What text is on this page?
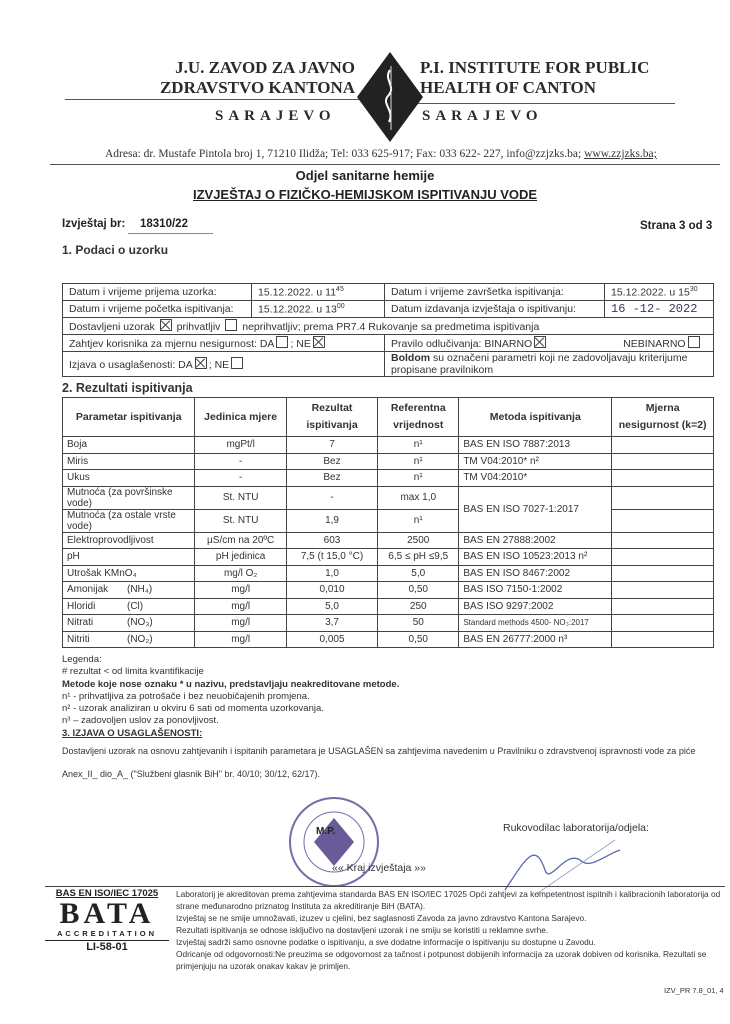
J.U. ZAVOD ZA JAVNO
ZDRAVSTVO KANTONA
P.I. INSTITUTE FOR PUBLIC
HEALTH OF CANTON
SARAJEVO	SARAJEVO
Adresa: dr. Mustafe Pintola broj 1, 71210 Ilidža; Tel: 033 625-917; Fax: 033 622- 227, info@zzjzks.ba; www.zzjzks.ba;
Odjel sanitarne hemije
IZVJEŠTAJ O FIZIČKO-HEMIJSKOM ISPITIVANJU VODE
Izvještaj br: 18310/22	Strana 3 od 3
1. Podaci o uzorku
Datum i vrijeme prijema uzorka:	15.12.2022. u $11^{45}$	Datum i vrijeme završetka ispitivanja:	15.12.2022. u $15^{30}$
Datum i vrijeme početka ispitivanja:	15.12.2022. u $13^{00}$	Datum izdavanja izvještaja o ispitivanju:	16 -12- 2022
Dostavljeni uzorak prihvatljiv neprihvatljiv; prema PR7.4 Rukovanje sa predmetima ispitivanja			
Zahtjev korisnika za mjernu nesigurnost: DA ; NE		Pravilo odlučivanja: BINARNO NEBINARNO	
Izjava o usaglašenosti: DA ; NE		Boldom su označeni parametri koji ne zadovoljavaju kriterijume propisane pravilnikom	
2. Rezultati ispitivanja
Parametar ispitivanja	Jedinica mjere	Rezultat ispitivanja	Referentna vrijednost	Metoda ispitivanja	Mjerna nesigurnost (k=2)
Boja	mgPt/l	7	n¹	BAS EN ISO 7887:2013	
Miris	-	Bez	n¹	TM V04:2010* n²	
Ukus	-	Bez	n¹	TM V04:2010*	
Mutnoća (za površinske vode)	St. NTU	-	max 1,0	BAS EN ISO 7027-1:2017	
Mutnoća (za ostale vrste vode)	St. NTU	1,9	n¹		
Elektroprovodljivost	µS/cm na 20ºC	603	2500	BAS EN 27888:2002	
pH	pH jedinica	7,5 (t 15,0 °C)	6,5 ≤ pH ≤9,5	BAS EN ISO 10523:2013 n²	
Utrošak KMnO₄	mg/l O₂	1,0	5,0	BAS EN ISO 8467:2002	
Amonijak (NH₄)	mg/l	0,010	0,50	BAS ISO 7150-1:2002	
Hloridi (Cl)	mg/l	5,0	250	BAS ISO 9297:2002	
Nitrati (NO₃)	mg/l	3,7	50	Standard methods 4500- NO₃:2017	
Nitriti (NO₂)	mg/l	0,005	0,50	BAS EN 26777:2000 n³	
Legenda:
# rezultat < od limita kvantifikacije
Metode koje nose oznaku * u nazivu, predstavljaju neakreditovane metode.
n¹ - prihvatljiva za potrošače i bez neuobičajenih promjena.
n² - uzorak analiziran u okviru 6 sati od momenta uzorkovanja.
n³ – zadovoljen uslov za ponovljivost.
3. IZJAVA O USAGLAŠENOSTI:
Dostavljeni uzorak na osnovu zahtjevanih i ispitanih parametara je USAGLAŠEN sa zahtjevima navedenim u Pravilniku o zdravstvenoj ispravnosti vode za piće
Anex_II_ dio_A_ ("Službeni glasnik BiH" br. 40/10; 30/12, 62/17).
M.P.	Rukovodilac laboratorija/odjela:
«« Kraj izvještaja »»
BAS EN ISO/IEC 17025
BATA
ACCREDITATION
LI-58-01
Laboratorij je akreditovan prema zahtjevima standarda BAS EN ISO/IEC 17025 Opći zahtjevi za kompetentnost ispitnih i kalibracionih laboratorija od
strane međunarodno priznatog Instituta za akreditiranje BiH (BATA).
Izvještaj se ne smije umnožavati, izuzev u cjelini, bez saglasnosti Zavoda za javno zdravstvo Kantona Sarajevo.
Rezultati ispitivanja se odnose isključivo na dostavljeni uzorak i ne smiju se koristiti u reklamne svrhe.
Izvještaj sadrži samo osnovne podatke o ispitivanju, a sve dodatne informacije o ispitivanju su dostupne u Zavodu.
Odricanje od odgovornosti:Ne preuzima se odgovornost za tačnost i potpunost dobijenih informacija za uzorak dobiven od korisnika. Rezultati se
primjenjuju na uzorak onakav kakav je primljen.
IZV_PR 7.8_01, 4
